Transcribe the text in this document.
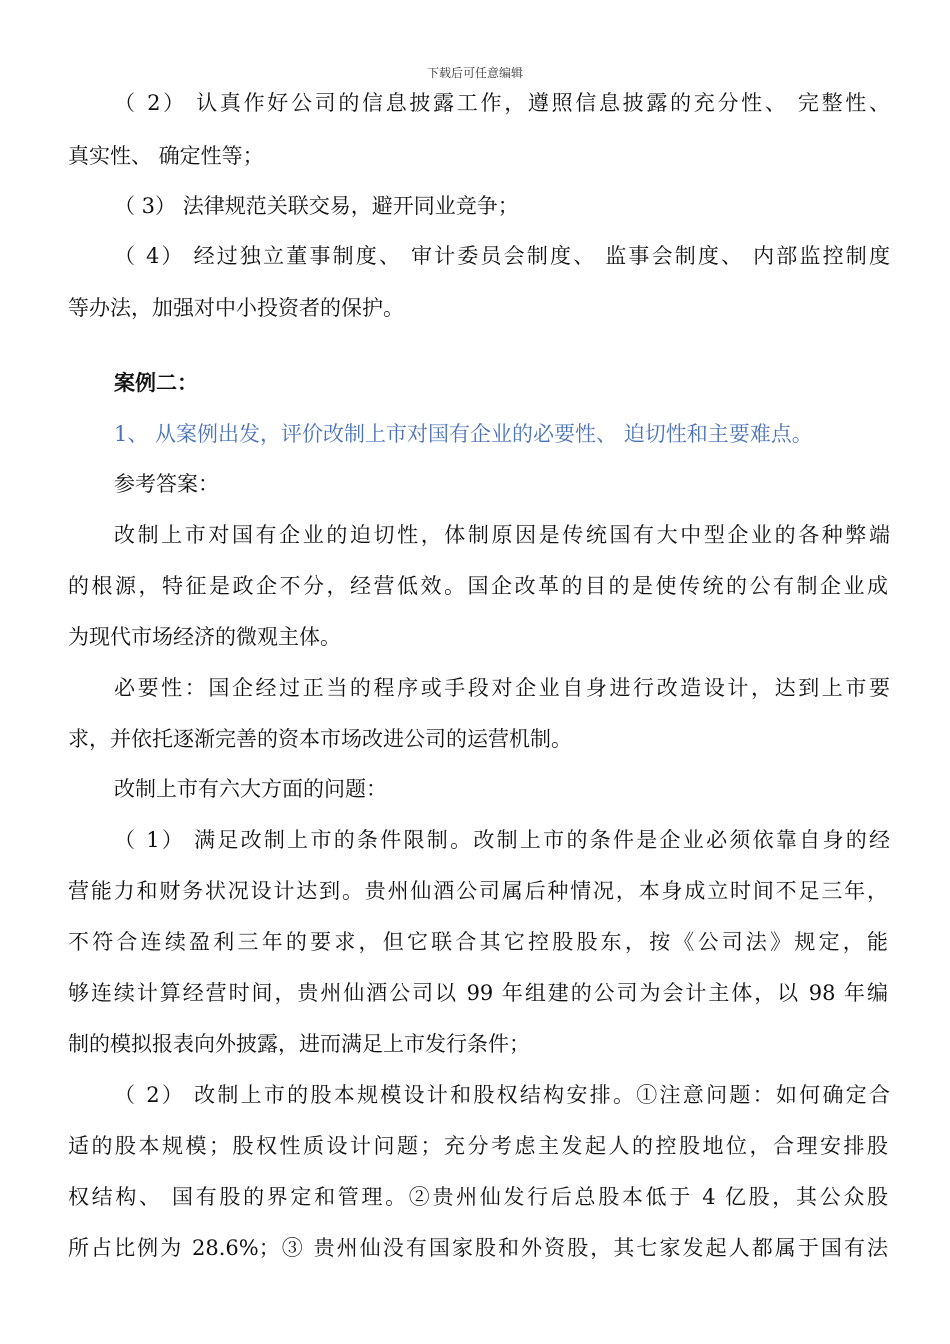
下载后可任意编辑

（ 2） 认真作好公司的信息披露工作，遵照信息披露的充分性、 完整性、

真实性、 确定性等；

（ 3） 法律规范关联交易，避开同业竞争；

（ 4） 经过独立董事制度、 审计委员会制度、 监事会制度、 内部监控制度

等办法，加强对中小投资者的保护。

案例二：

1、 从案例出发，评价改制上市对国有企业的必要性、 迫切性和主要难点。

参考答案：

改制上市对国有企业的迫切性，体制原因是传统国有大中型企业的各种弊端

的根源，特征是政企不分，经营低效。国企改革的目的是使传统的公有制企业成

为现代市场经济的微观主体。

必要性：国企经过正当的程序或手段对企业自身进行改造设计，达到上市要

求，并依托逐渐完善的资本市场改进公司的运营机制。

改制上市有六大方面的问题：

（ 1） 满足改制上市的条件限制。改制上市的条件是企业必须依靠自身的经

营能力和财务状况设计达到。贵州仙酒公司属后种情况，本身成立时间不足三年，

不符合连续盈利三年的要求，但它联合其它控股股东，按《公司法》规定，能

够连续计算经营时间，贵州仙酒公司以 99 年组建的公司为会计主体，以 98 年编

制的模拟报表向外披露，进而满足上市发行条件；

（ 2） 改制上市的股本规模设计和股权结构安排。①注意问题：如何确定合

适的股本规模；股权性质设计问题；充分考虑主发起人的控股地位，合理安排股

权结构、 国有股的界定和管理。②贵州仙发行后总股本低于 4 亿股，其公众股

所占比例为 28.6%；③ 贵州仙没有国家股和外资股，其七家发起人都属于国有法
